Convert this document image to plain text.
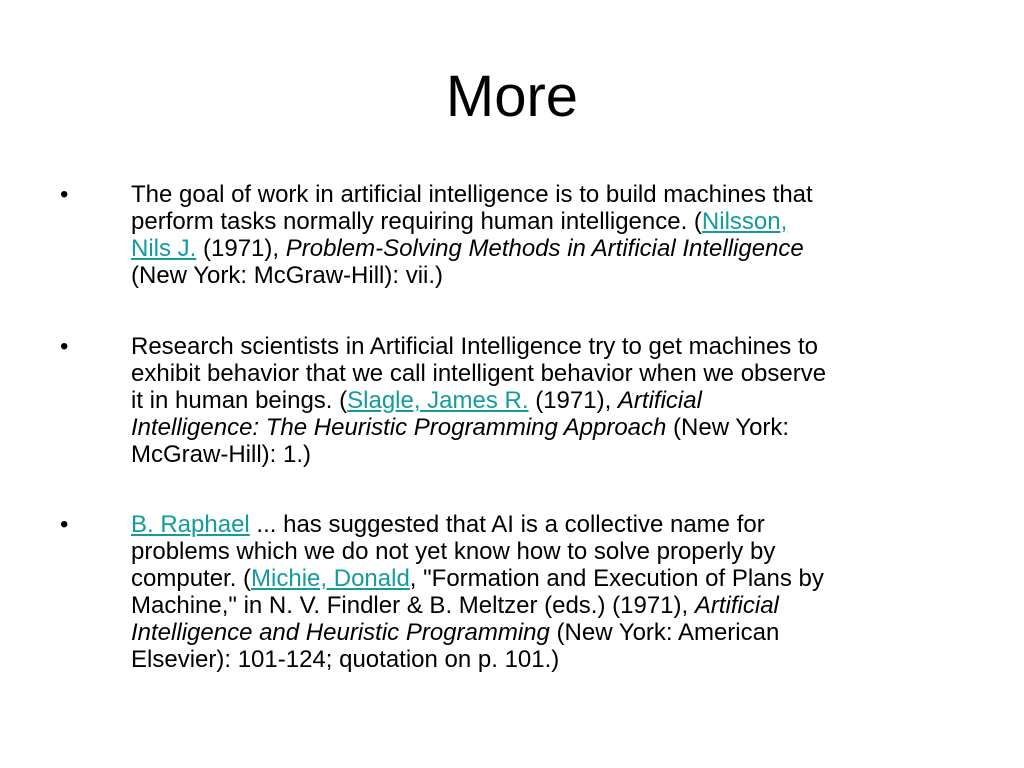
More
•	The goal of work in artificial intelligence is to build machines that
perform tasks normally requiring human intelligence. (Nilsson,
Nils J. (1971), Problem-Solving Methods in Artificial Intelligence
(New York: McGraw-Hill): vii.)

•	Research scientists in Artificial Intelligence try to get machines to
exhibit behavior that we call intelligent behavior when we observe
it in human beings. (Slagle, James R. (1971), Artificial
Intelligence: The Heuristic Programming Approach (New York:
McGraw-Hill): 1.)

•	B. Raphael ... has suggested that AI is a collective name for
problems which we do not yet know how to solve properly by
computer. (Michie, Donald, "Formation and Execution of Plans by
Machine," in N. V. Findler & B. Meltzer (eds.) (1971), Artificial
Intelligence and Heuristic Programming (New York: American
Elsevier): 101-124; quotation on p. 101.)
